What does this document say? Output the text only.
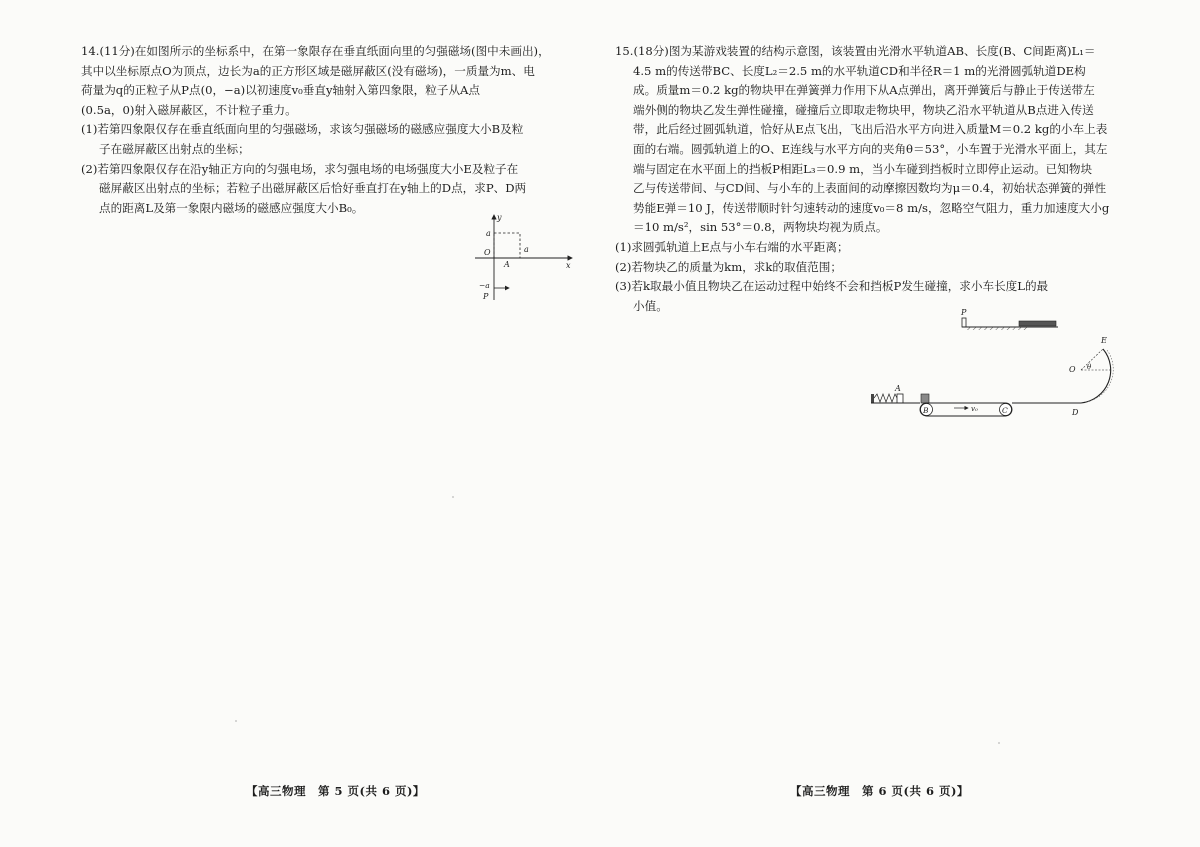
14.(11分)在如图所示的坐标系中，在第一象限存在垂直纸面向里的匀强磁场(图中未画出)，

其中以坐标原点O为顶点，边长为a的正方形区域是磁屏蔽区(没有磁场)，一质量为m、电

荷量为q的正粒子从P点(0，−a)以初速度v₀垂直y轴射入第四象限，粒子从A点

(0.5a，0)射入磁屏蔽区，不计粒子重力。

(1)若第四象限仅存在垂直纸面向里的匀强磁场，求该匀强磁场的磁感应强度大小B及粒

子在磁屏蔽区出射点的坐标；

(2)若第四象限仅存在沿y轴正方向的匀强电场，求匀强电场的电场强度大小E及粒子在

磁屏蔽区出射点的坐标；若粒子出磁屏蔽区后恰好垂直打在y轴上的D点，求P、D两

点的距离L及第一象限内磁场的磁感应强度大小B₀。

y
x
a
O	a
A
−a
P
【高三物理　第 5 页(共 6 页)】

15.(18分)图为某游戏装置的结构示意图，该装置由光滑水平轨道AB、长度(B、C间距离)L₁＝

4.5 m的传送带BC、长度L₂＝2.5 m的水平轨道CD和半径R＝1 m的光滑圆弧轨道DE构

成。质量m＝0.2 kg的物块甲在弹簧弹力作用下从A点弹出，离开弹簧后与静止于传送带左

端外侧的物块乙发生弹性碰撞，碰撞后立即取走物块甲，物块乙沿水平轨道从B点进入传送

带，此后经过圆弧轨道，恰好从E点飞出，飞出后沿水平方向进入质量M＝0.2 kg的小车上表

面的右端。圆弧轨道上的O、E连线与水平方向的夹角θ＝53°，小车置于光滑水平面上，其左

端与固定在水平面上的挡板P相距L₃＝0.9 m，当小车碰到挡板时立即停止运动。已知物块

乙与传送带间、与CD间、与小车的上表面间的动摩擦因数均为μ＝0.4，初始状态弹簧的弹性

势能E弹＝10 J，传送带顺时针匀速转动的速度v₀＝8 m/s，忽略空气阻力，重力加速度大小g

＝10 m/s²，sin 53°＝0.8，两物块均视为质点。

(1)求圆弧轨道上E点与小车右端的水平距离；

(2)若物块乙的质量为km，求k的取值范围；

(3)若k取最小值且物块乙在运动过程中始终不会和挡板P发生碰撞，求小车长度L的最

小值。	P
E
O θ
A
B	C
v₀	D
【高三物理　第 6 页(共 6 页)】
